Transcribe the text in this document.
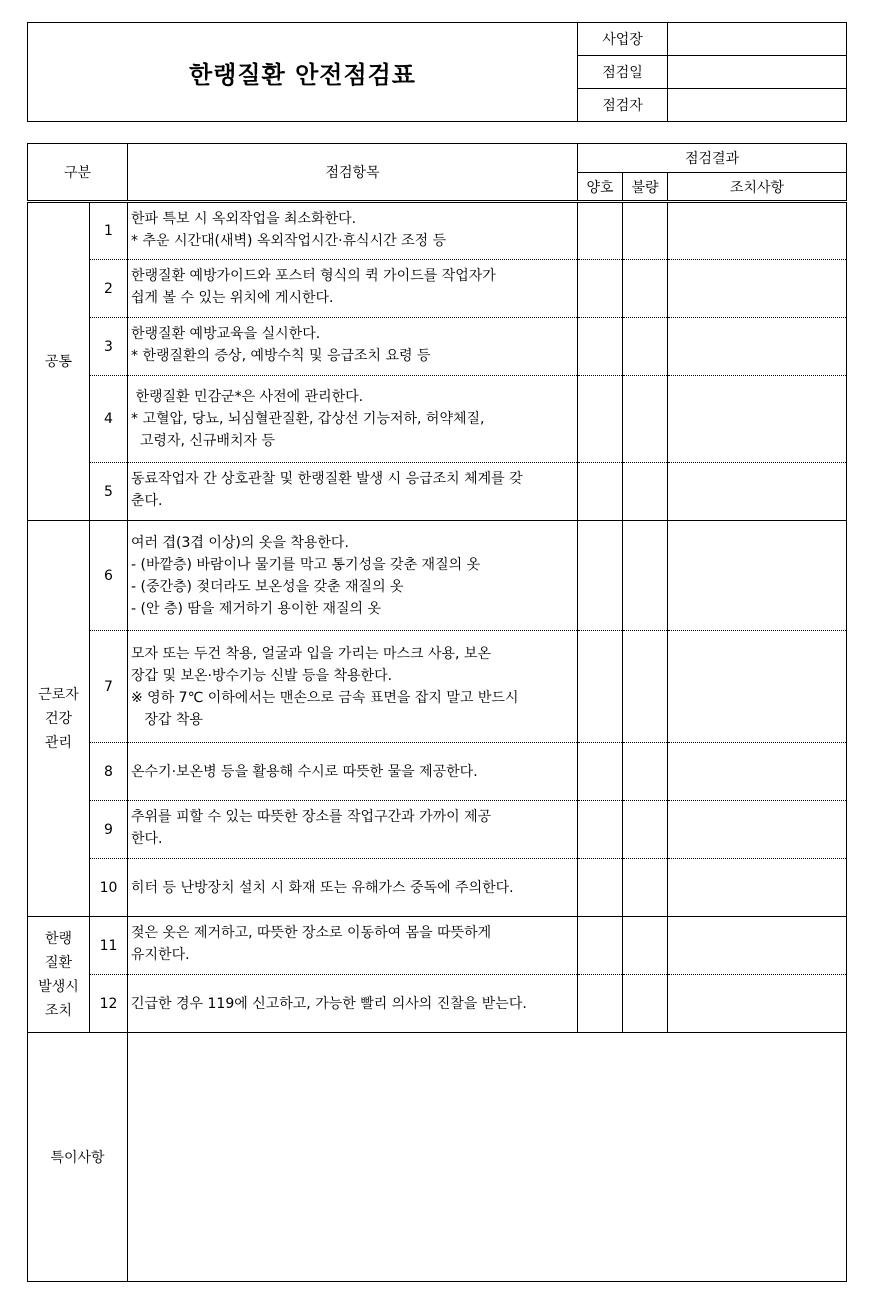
한랭질환 안전점검표	사업장	
	점검일	
	점검자	
구분		점검항목	점검결과		
			양호	불량	조치사항

공통	1	한파 특보 시 옥외작업을 최소화한다.
* 추운 시간대(새벽) 옥외작업시간·휴식시간 조정 등			

	2	한랭질환 예방가이드와 포스터 형식의 퀵 가이드를 작업자가
쉽게 볼 수 있는 위치에 게시한다.			

	3	한랭질환 예방교육을 실시한다.
* 한랭질환의 증상, 예방수칙 및 응급조치 요령 등			

	4	한랭질환 민감군*은 사전에 관리한다.
* 고혈압, 당뇨, 뇌심혈관질환, 갑상선 기능저하, 허약체질,
고령자, 신규배치자 등			

	5	동료작업자 간 상호관찰 및 한랭질환 발생 시 응급조치 체계를 갖
춘다.			

근로자
건강
관리	6	여러 겹(3겹 이상)의 옷을 착용한다.
- (바깥층) 바람이나 물기를 막고 통기성을 갖춘 재질의 옷
- (중간층) 젖더라도 보온성을 갖춘 재질의 옷
- (안 층) 땀을 제거하기 용이한 재질의 옷			

	7	모자 또는 두건 착용, 얼굴과 입을 가리는 마스크 사용, 보온
장갑 및 보온·방수기능 신발 등을 착용한다.
※ 영하 7℃ 이하에서는 맨손으로 금속 표면을 잡지 말고 반드시
장갑 착용			

	8	온수기·보온병 등을 활용해 수시로 따뜻한 물을 제공한다.			

	9	추위를 피할 수 있는 따뜻한 장소를 작업구간과 가까이 제공
한다.			

	10	히터 등 난방장치 설치 시 화재 또는 유해가스 중독에 주의한다.			

한랭
질환
발생시
조치	11	젖은 옷은 제거하고, 따뜻한 장소로 이동하여 몸을 따뜻하게
유지한다.			

	12	긴급한 경우 119에 신고하고, 가능한 빨리 의사의 진찰을 받는다.			

특이사항					
